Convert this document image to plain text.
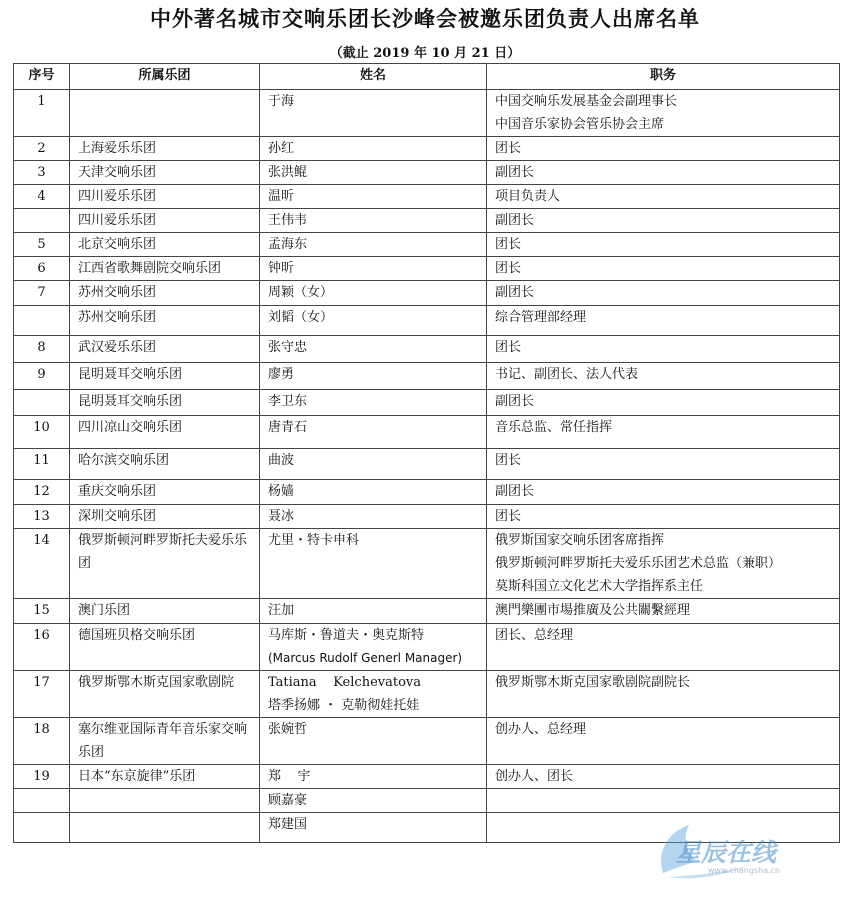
中外著名城市交响乐团长沙峰会被邀乐团负责人出席名单
（截止 2019 年 10 月 21 日）
序号	所属乐团	姓名	职务
1		于海	中国交响乐发展基金会副理事长
中国音乐家协会管乐协会主席

2	上海爱乐乐团	孙红	团长

3	天津交响乐团	张洪鲲	副团长

4	四川爱乐乐团	温昕	项目负责人

	四川爱乐乐团	王伟韦	副团长

5	北京交响乐团	孟海东	团长

6	江西省歌舞剧院交响乐团	钟昕	团长

7	苏州交响乐团	周颖（女）	副团长

	苏州交响乐团	刘韬（女）	综合管理部经理

8	武汉爱乐乐团	张守忠	团长

9	昆明聂耳交响乐团	廖勇	书记、副团长、法人代表

	昆明聂耳交响乐团	李卫东	副团长

10	四川凉山交响乐团	唐青石	音乐总监、常任指挥

11	哈尔滨交响乐团	曲波	团长

12	重庆交响乐团	杨嫱	副团长

13	深圳交响乐团	聂冰	团长

14	俄罗斯顿河畔罗斯托夫爱乐乐团	尤里・特卡申科	俄罗斯国家交响乐团客席指挥
俄罗斯顿河畔罗斯托夫爱乐乐团艺术总监（兼职）
莫斯科国立文化艺术大学指挥系主任

15	澳门乐团	汪加	澳門樂團市場推廣及公共關繫經理

16	德国班贝格交响乐团	马库斯・鲁道夫・奥克斯特
(Marcus Rudolf Generl Manager)	团长、总经理

17	俄罗斯鄂木斯克国家歌剧院	Tatiana    Kelchevatova
塔季扬娜 ・ 克勒彻娃托娃	俄罗斯鄂木斯克国家歌剧院副院长

18	塞尔维亚国际青年音乐家交响乐团	张婉哲	创办人、总经理

19	日本“东京旋律”乐团	郑    宇	创办人、团长

		顾嘉豪	

		郑建国	

星辰在线
www.changsha.cn
